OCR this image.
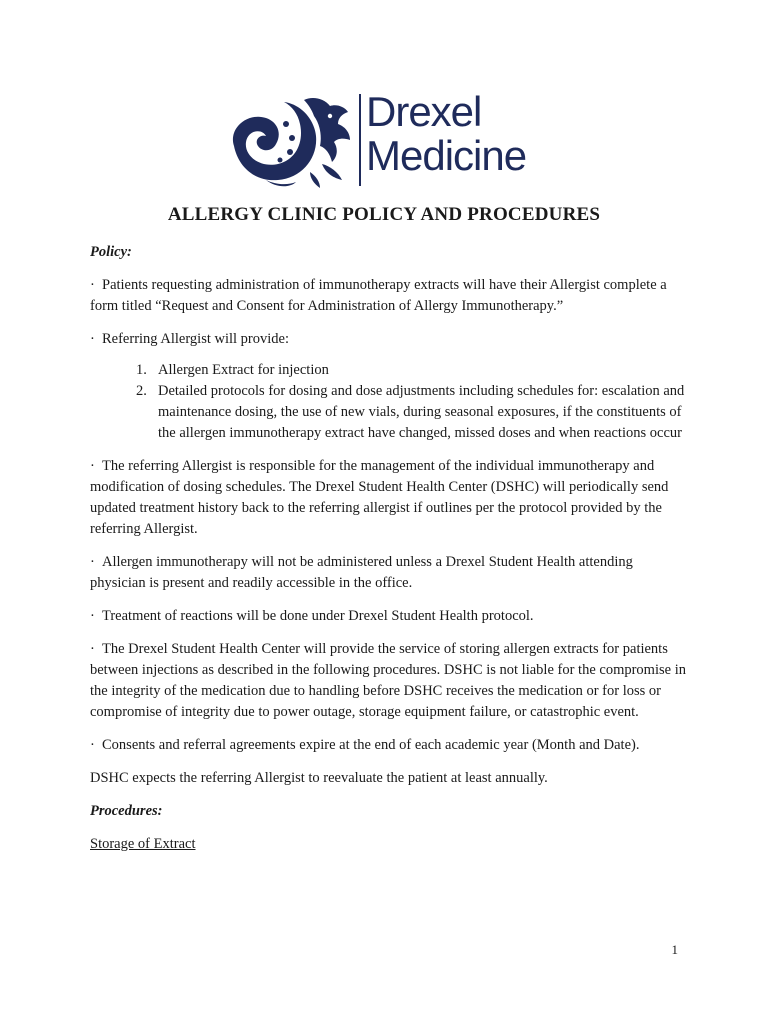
Drexel
Medicine
ALLERGY CLINIC POLICY AND PROCEDURES

Policy:

· Patients requesting administration of immunotherapy extracts will have their Allergist complete a form titled “Request and Consent for Administration of Allergy Immunotherapy.”

· Referring Allergist will provide:

1. Allergen Extract for injection
2. Detailed protocols for dosing and dose adjustments including schedules for: escalation and maintenance dosing, the use of new vials, during seasonal exposures, if the constituents of the allergen immunotherapy extract have changed, missed doses and when reactions occur

· The referring Allergist is responsible for the management of the individual immunotherapy and modification of dosing schedules. The Drexel Student Health Center (DSHC) will periodically send updated treatment history back to the referring allergist if outlines per the protocol provided by the referring Allergist.

· Allergen immunotherapy will not be administered unless a Drexel Student Health attending physician is present and readily accessible in the office.

· Treatment of reactions will be done under Drexel Student Health protocol.

· The Drexel Student Health Center will provide the service of storing allergen extracts for patients between injections as described in the following procedures. DSHC is not liable for the compromise in the integrity of the medication due to handling before DSHC receives the medication or for loss or compromise of integrity due to power outage, storage equipment failure, or catastrophic event.

· Consents and referral agreements expire at the end of each academic year (Month and Date).

DSHC expects the referring Allergist to reevaluate the patient at least annually.

Procedures:

Storage of Extract

1
